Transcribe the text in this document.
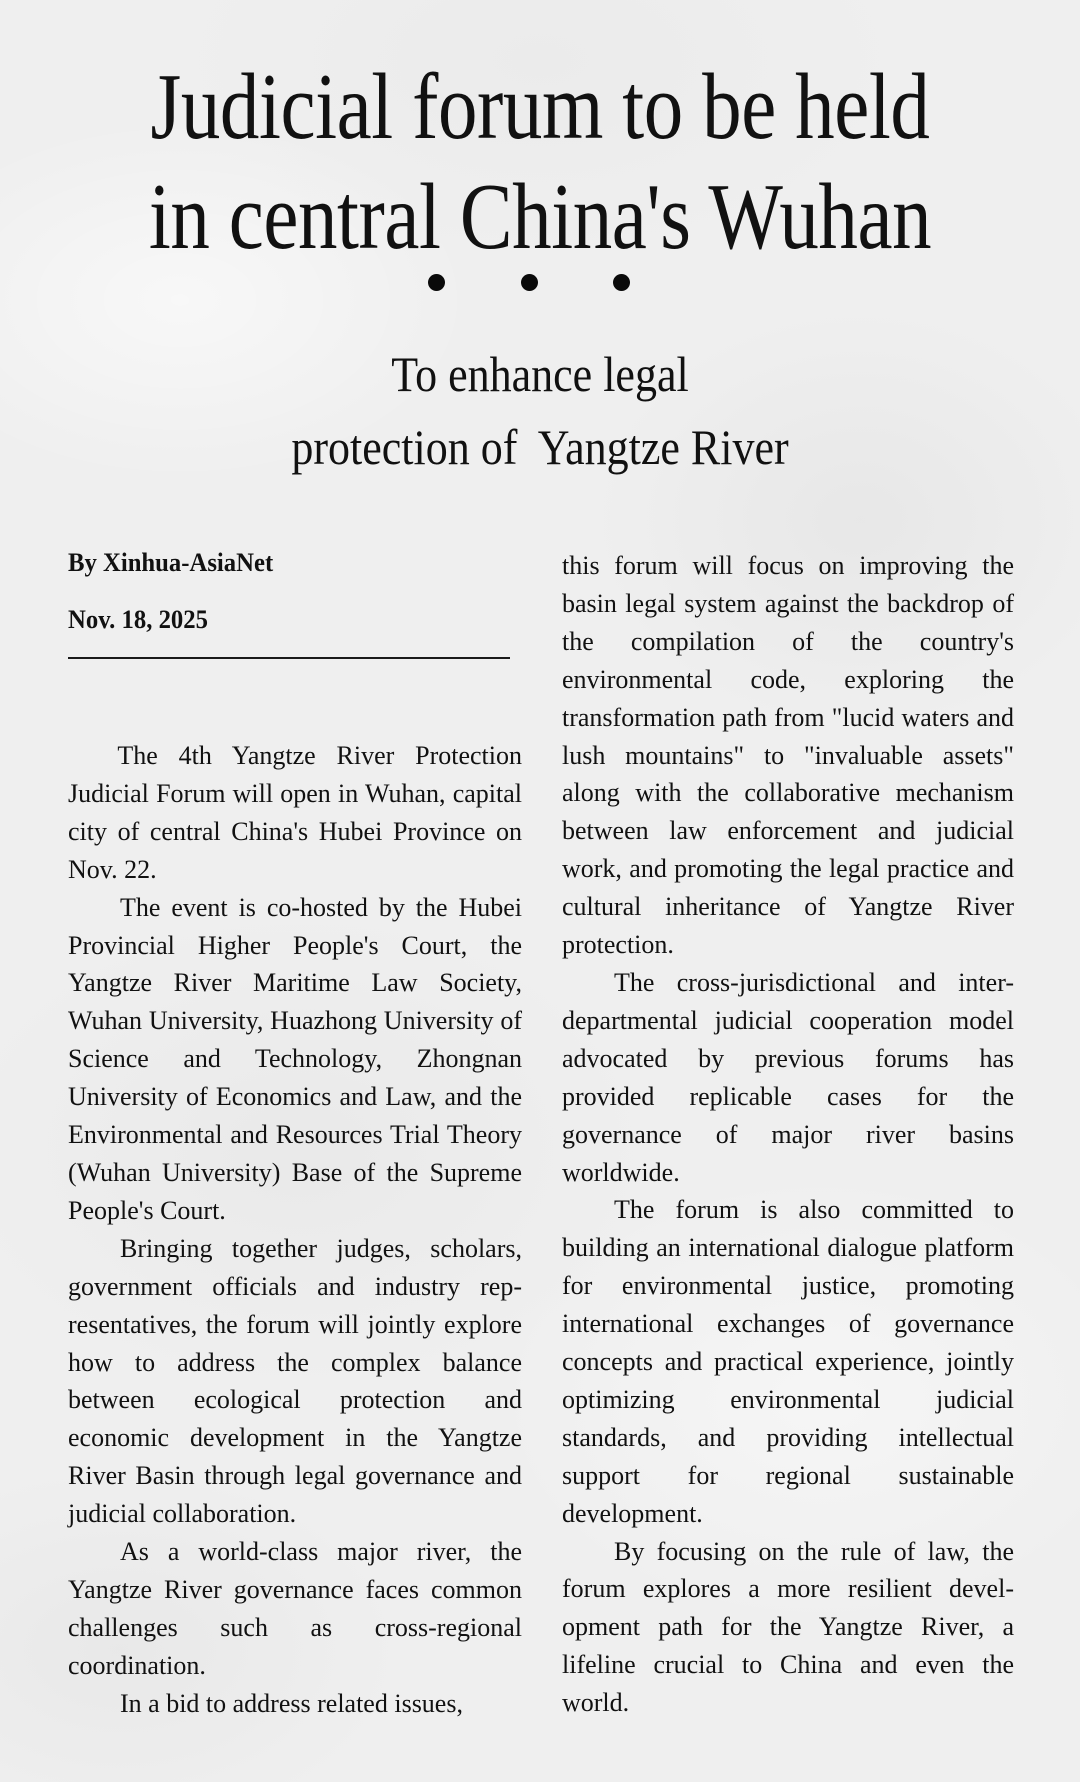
Judicial forum to be held
in central China's Wuhan
To enhance legal
protection of  Yangtze River
By Xinhua-AsiaNet
Nov. 18, 2025

The 4th Yangtze River Protection Judicial Forum will open in Wuhan, capital city of central China's Hubei Province on Nov. 22.

The event is co-hosted by the Hubei Provincial Higher People's Court, the Yangtze River Maritime Law Society, Wuhan University, Huazhong University of Science and Technology, Zhongnan University of Economics and Law, and the Environmental and Resources Trial Theory (Wuhan University) Base of the Supreme People's Court.

Bringing together judges, scholars, government officials and industry representatives, the forum will jointly explore how to address the complex balance between ecological protection and economic development in the Yangtze River Basin through legal governance and judicial collaboration.

As a world-class major river, the Yangtze River governance faces common challenges such as cross-regional coordination.

In a bid to address related issues,

this forum will focus on improving the basin legal system against the backdrop of the compilation of the country's environmental code, exploring the transformation path from "lucid waters and lush mountains" to "invaluable assets" along with the collaborative mechanism between law enforcement and judicial work, and promoting the legal practice and cultural inheritance of Yangtze River protection.

The cross-jurisdictional and inter-departmental judicial cooperation model advocated by previous forums has provided replicable cases for the governance of major river basins worldwide.

The forum is also committed to building an international dialogue platform for environmental justice, promoting international exchanges of governance concepts and practical experience, jointly optimizing environmental judicial standards, and providing intellectual support for regional sustainable development.

By focusing on the rule of law, the forum explores a more resilient development path for the Yangtze River, a lifeline crucial to China and even the world.
